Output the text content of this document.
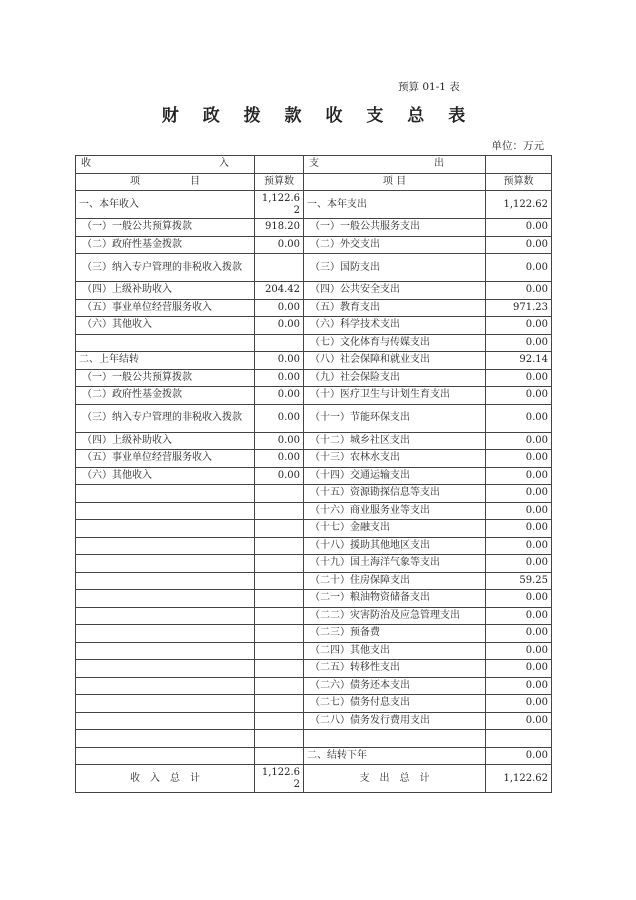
预算 01-1 表
财 政 拨 款 收 支 总 表
单位：万元
收 入		支 出	

项　　　　　目	预算数	项 目	预算数
一、本年收入	1,122.62	一、本年支出	1,122.62
（一）一般公共预算拨款	918.20	（一）一般公共服务支出	0.00
（二）政府性基金拨款	0.00	（二）外交支出	0.00
（三）纳入专户管理的非税收入拨款		（三）国防支出	0.00
（四）上级补助收入	204.42	（四）公共安全支出	0.00
（五）事业单位经营服务收入	0.00	（五）教育支出	971.23
（六）其他收入	0.00	（六）科学技术支出	0.00
		（七）文化体育与传媒支出	0.00
二、上年结转	0.00	（八）社会保障和就业支出	92.14
（一）一般公共预算拨款	0.00	（九）社会保险支出	0.00
（二）政府性基金拨款	0.00	（十）医疗卫生与计划生育支出	0.00
（三）纳入专户管理的非税收入拨款	0.00	（十一）节能环保支出	0.00
（四）上级补助收入	0.00	（十二）城乡社区支出	0.00
（五）事业单位经营服务收入	0.00	（十三）农林水支出	0.00
（六）其他收入	0.00	（十四）交通运输支出	0.00
		（十五）资源勘探信息等支出	0.00
		（十六）商业服务业等支出	0.00
		（十七）金融支出	0.00
		（十八）援助其他地区支出	0.00
		（十九）国土海洋气象等支出	0.00
		（二十）住房保障支出	59.25
		（二一）粮油物资储备支出	0.00
		（二二）灾害防治及应急管理支出	0.00
		（二三）预备费	0.00
		（二四）其他支出	0.00
		（二五）转移性支出	0.00
		（二六）债务还本支出	0.00
		（二七）债务付息支出	0.00
		（二八）债务发行费用支出	0.00

		二、结转下年	0.00
收　入　总　计	1,122.62	支　出　总　计	1,122.62
